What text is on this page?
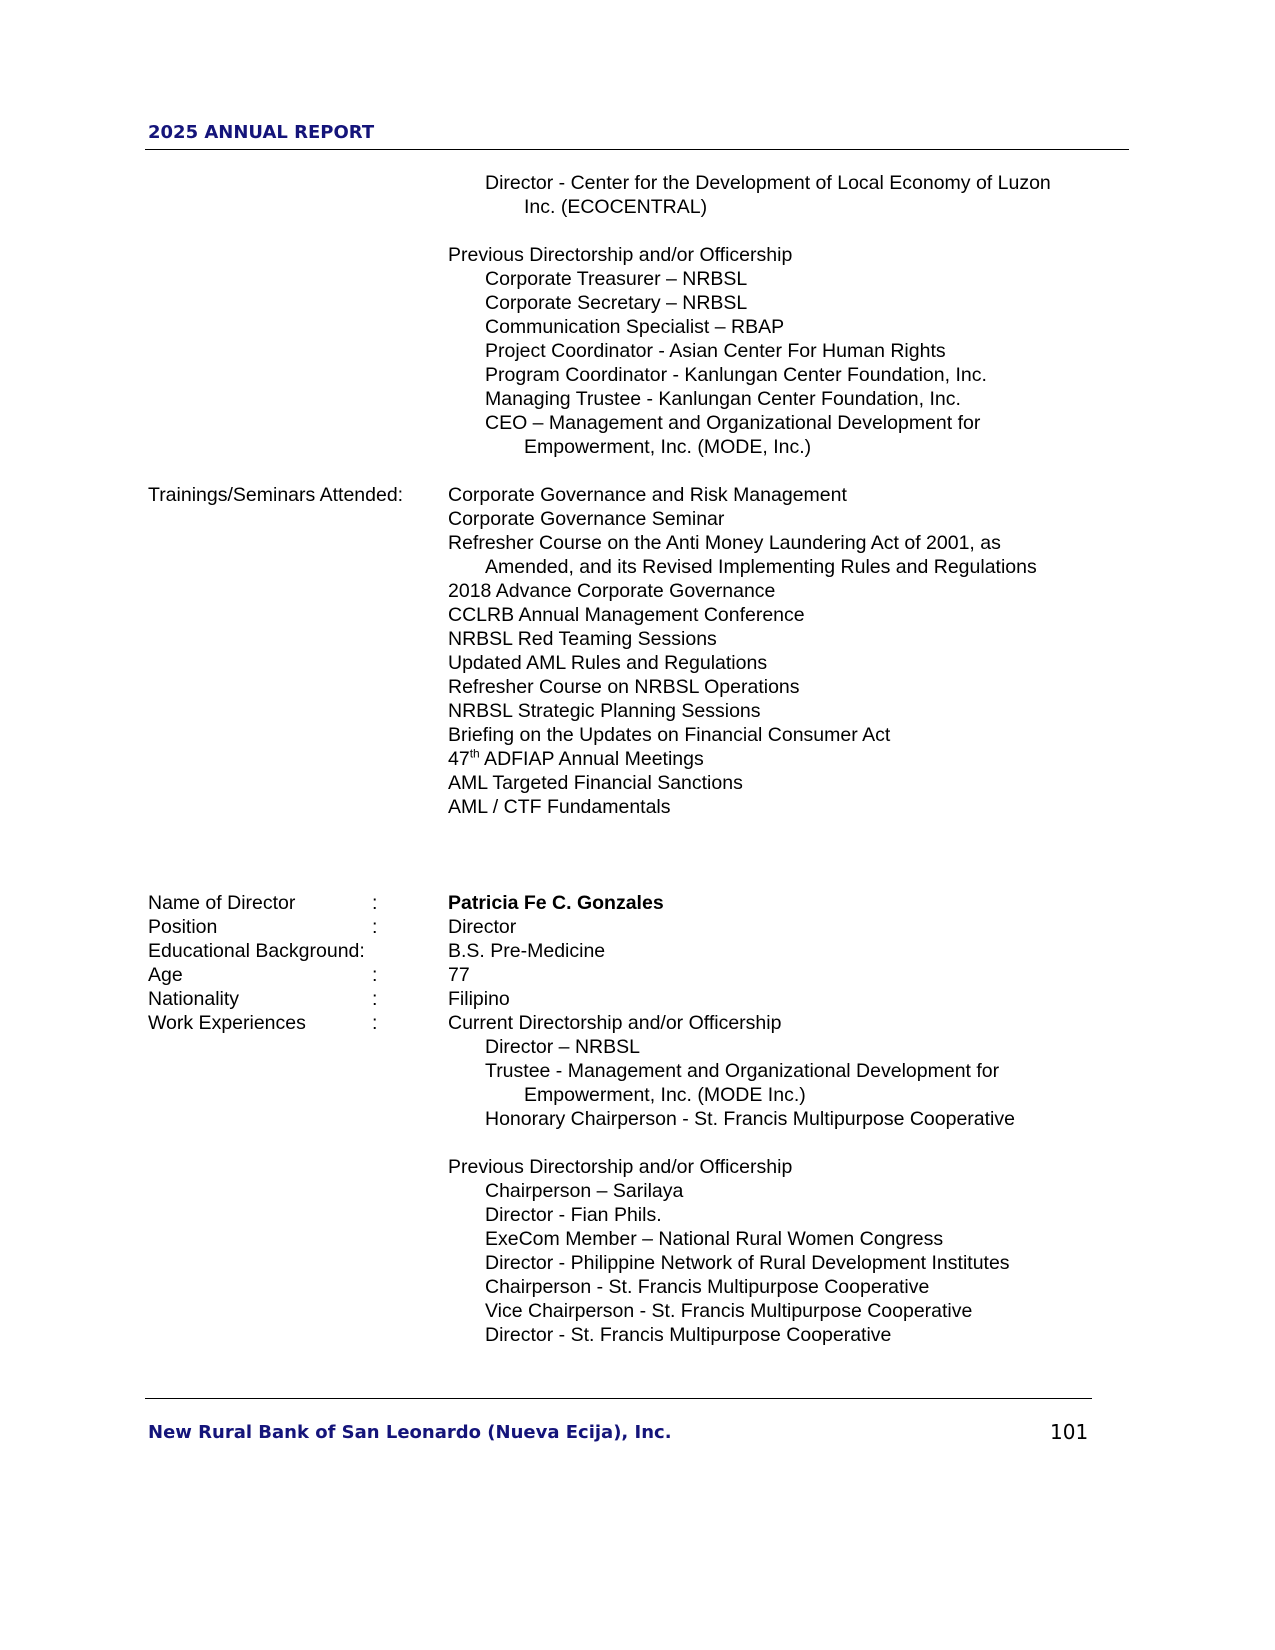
2025 ANNUAL REPORT
Director - Center for the Development of Local Economy of Luzon
Inc. (ECOCENTRAL)
Previous Directorship and/or Officership
Corporate Treasurer – NRBSL
Corporate Secretary – NRBSL
Communication Specialist – RBAP
Project Coordinator - Asian Center For Human Rights
Program Coordinator - Kanlungan Center Foundation, Inc.
Managing Trustee - Kanlungan Center Foundation, Inc.
CEO – Management and Organizational Development for
Empowerment, Inc. (MODE, Inc.)
Trainings/Seminars Attended: Corporate Governance and Risk Management
Corporate Governance Seminar
Refresher Course on the Anti Money Laundering Act of 2001, as
Amended, and its Revised Implementing Rules and Regulations
2018 Advance Corporate Governance
CCLRB Annual Management Conference
NRBSL Red Teaming Sessions
Updated AML Rules and Regulations
Refresher Course on NRBSL Operations
NRBSL Strategic Planning Sessions
Briefing on the Updates on Financial Consumer Act
47th ADFIAP Annual Meetings
AML Targeted Financial Sanctions
AML / CTF Fundamentals
Name of Director	:	Patricia Fe C. Gonzales
Position	:	Director
Educational Background:	B.S. Pre-Medicine
Age	:	77
Nationality	:	Filipino
Work Experiences	:	Current Directorship and/or Officership
Director – NRBSL
Trustee - Management and Organizational Development for
Empowerment, Inc. (MODE Inc.)
Honorary Chairperson - St. Francis Multipurpose Cooperative
Previous Directorship and/or Officership
Chairperson – Sarilaya
Director - Fian Phils.
ExeCom Member – National Rural Women Congress
Director - Philippine Network of Rural Development Institutes
Chairperson - St. Francis Multipurpose Cooperative
Vice Chairperson - St. Francis Multipurpose Cooperative
Director - St. Francis Multipurpose Cooperative
New Rural Bank of San Leonardo (Nueva Ecija), Inc.	101
